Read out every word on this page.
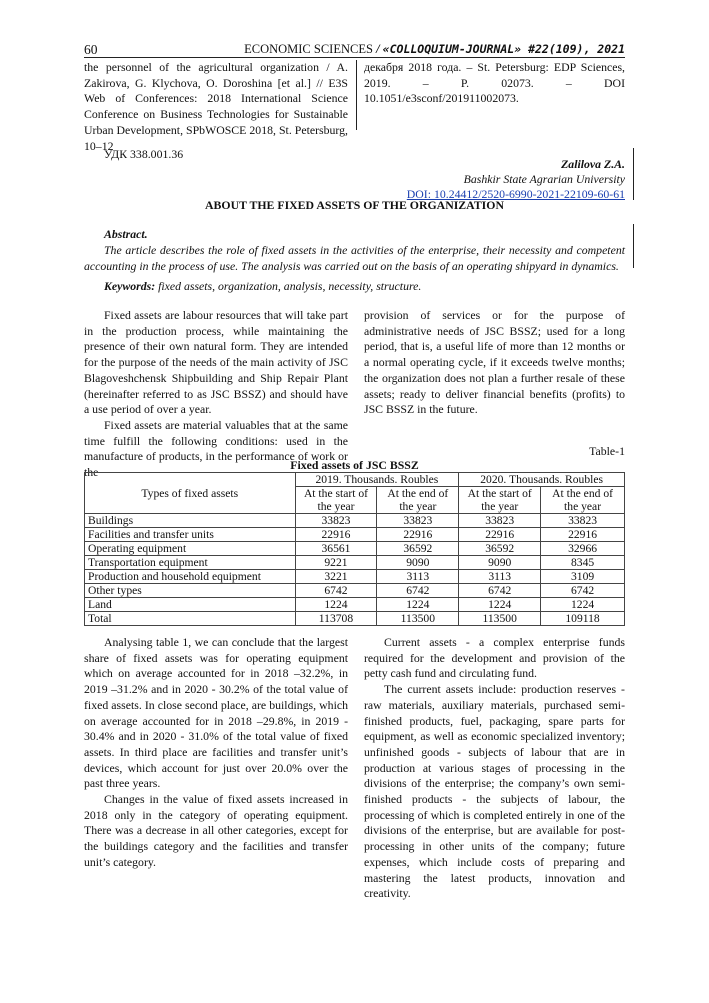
60	ECONOMIC SCIENCES / «COLLOQUIUM-JOURNAL» #22(109), 2021

the personnel of the agricultural organization / A. Zakirova, G. Klychova, O. Doroshina [et al.] // E3S Web of Conferences: 2018 International Science Conference on Business Technologies for Sustainable Urban Development, SPbWOSCE 2018, St. Petersburg, 10–12

декабря 2018 года. – St. Petersburg: EDP Sciences, 2019. – P. 02073. – DOI 10.1051/e3sconf/201911002073.

УДК 338.001.36
Zalilova Z.A.
Bashkir State Agrarian University
DOI: 10.24412/2520-6990-2021-22109-60-61
ABOUT THE FIXED ASSETS OF THE ORGANIZATION

Abstract.

The article describes the role of fixed assets in the activities of the enterprise, their necessity and competent accounting in the process of use. The analysis was carried out on the basis of an operating shipyard in dynamics.

Keywords: fixed assets, organization, analysis, necessity, structure.

Fixed assets are labour resources that will take part in the production process, while maintaining the presence of their own natural form. They are intended for the purpose of the needs of the main activity of JSC Blagoveshchensk Shipbuilding and Ship Repair Plant (hereinafter referred to as JSC BSSZ) and should have a use period of over a year.

Fixed assets are material valuables that at the same time fulfill the following conditions: used in the manufacture of products, in the performance of work or the

provision of services or for the purpose of administrative needs of JSC BSSZ; used for a long period, that is, a useful life of more than 12 months or a normal operating cycle, if it exceeds twelve months; the organization does not plan a further resale of these assets; ready to deliver financial benefits (profits) to JSC BSSZ in the future.

Table-1
Fixed assets of JSC BSSZ
Types of fixed assets	2019. Thousands. Roubles		2020. Thousands. Roubles	
	At the start of the year	At the end of the year	At the start of the year	At the end of the year
Buildings	33823	33823	33823	33823
Facilities and transfer units	22916	22916	22916	22916
Operating equipment	36561	36592	36592	32966
Transportation equipment	9221	9090	9090	8345
Production and household equipment	3221	3113	3113	3109
Other types	6742	6742	6742	6742
Land	1224	1224	1224	1224
Total	113708	113500	113500	109118

Analysing table 1, we can conclude that the largest share of fixed assets was for operating equipment which on average accounted for in 2018 –32.2%, in 2019 –31.2% and in 2020 - 30.2% of the total value of fixed assets. In close second place, are buildings, which on average accounted for in 2018 –29.8%, in 2019 - 30.4% and in 2020 - 31.0% of the total value of fixed assets. In third place are facilities and transfer unit’s devices, which account for just over 20.0% over the past three years.

Changes in the value of fixed assets increased in 2018 only in the category of operating equipment. There was a decrease in all other categories, except for the buildings category and the facilities and transfer unit’s category.

Current assets - a complex enterprise funds required for the development and provision of the petty cash fund and circulating fund.

The current assets include: production reserves - raw materials, auxiliary materials, purchased semi-finished products, fuel, packaging, spare parts for equipment, as well as economic specialized inventory; unfinished goods - subjects of labour that are in production at various stages of processing in the divisions of the enterprise; the company’s own semi-finished products - the subjects of labour, the processing of which is completed entirely in one of the divisions of the enterprise, but are available for post-processing in other units of the company; future expenses, which include costs of preparing and mastering the latest products, innovation and creativity.
